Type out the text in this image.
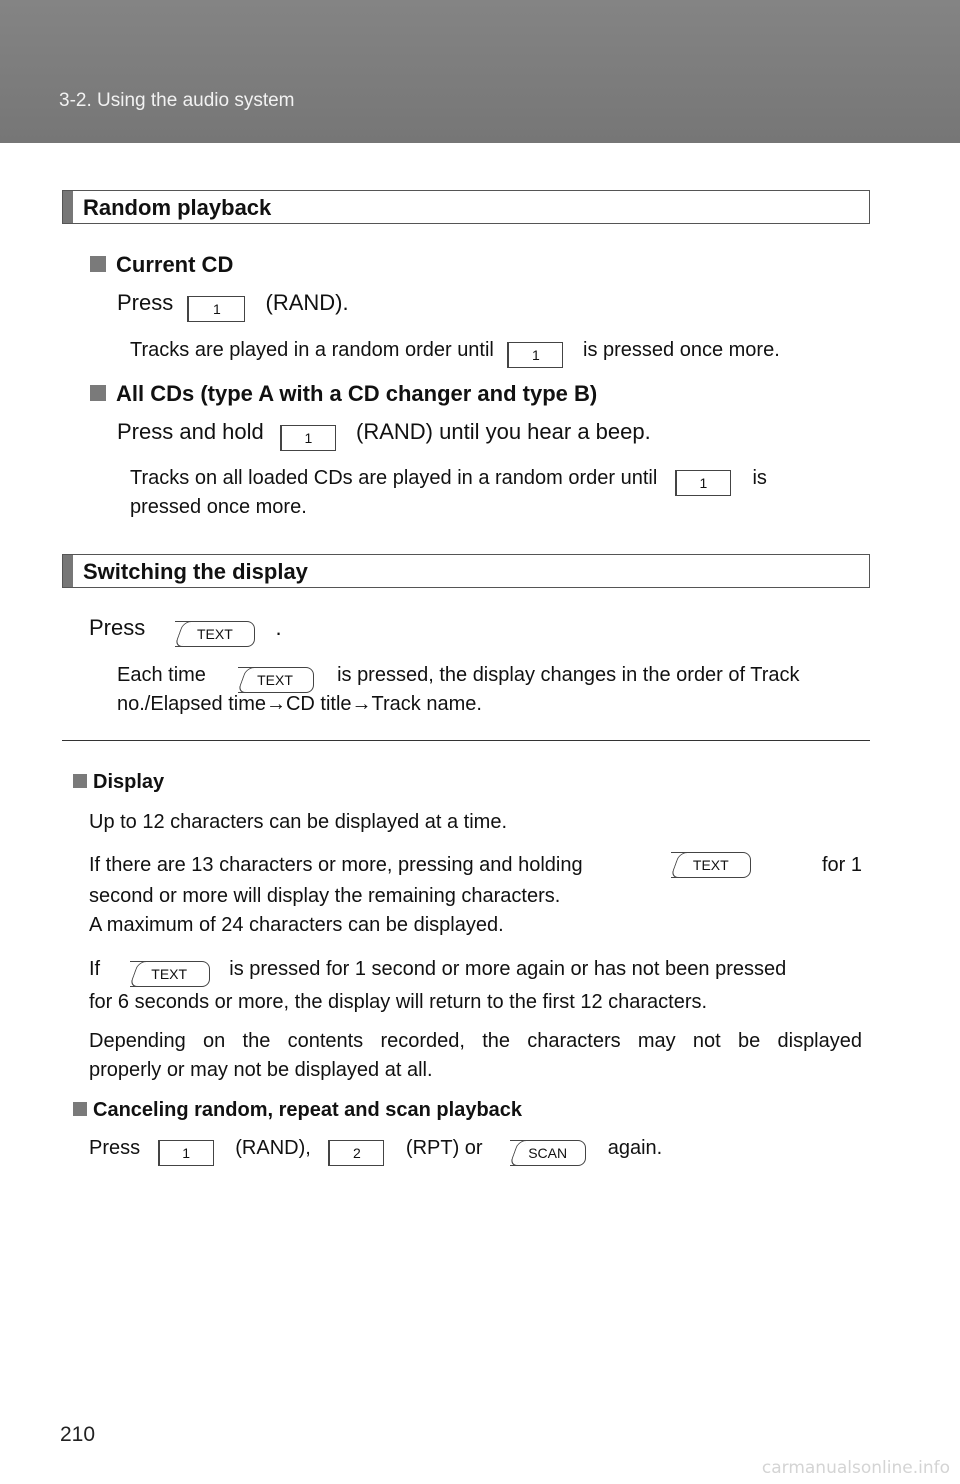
3-2. Using the audio system
Random playback
Current CD
Press	1 (RAND).
Tracks are played in a random order until	1 is pressed once more.
All CDs (type A with a CD changer and type B)
Press and hold	1 (RAND) until you hear a beep.
Tracks on all loaded CDs are played in a random order until	1 is
pressed once more.
Switching the display
Press	TEXT .
Each time	TEXT is pressed, the display changes in the order of Track
no./Elapsed time→CD title→Track name.
Display
Up to 12 characters can be displayed at a time.
If there are 13 characters or more, pressing and holding	TEXT	for 1
second or more will display the remaining characters.
A maximum of 24 characters can be displayed.
If	TEXT is pressed for 1 second or more again or has not been pressed
for 6 seconds or more, the display will return to the first 12 characters.
Depending on the contents recorded, the characters may not be displayed
properly or may not be displayed at all.
Canceling random, repeat and scan playback
Press	1 (RAND),	2 (RPT) or	SCAN again.
210
carmanualsonline.info
